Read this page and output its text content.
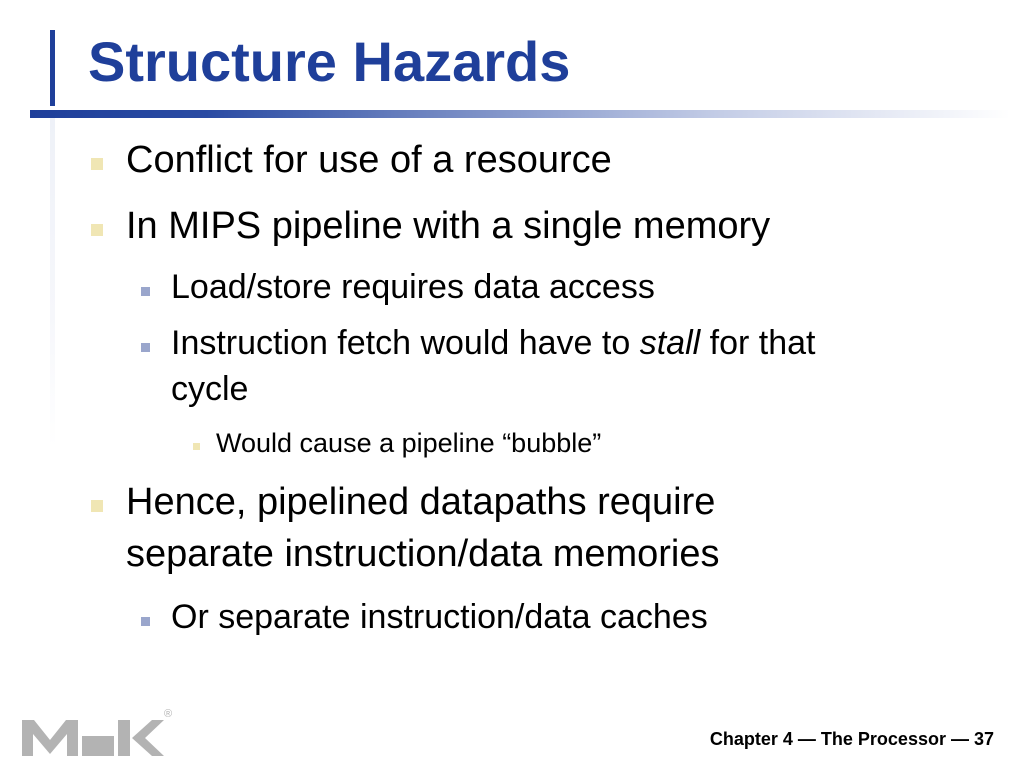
Structure Hazards
Conflict for use of a resource
In MIPS pipeline with a single memory
Load/store requires data access
Instruction fetch would have to stall for that
cycle
Would cause a pipeline “bubble”
Hence, pipelined datapaths require
separate instruction/data memories
Or separate instruction/data caches
®
Chapter 4 — The Processor — 37
